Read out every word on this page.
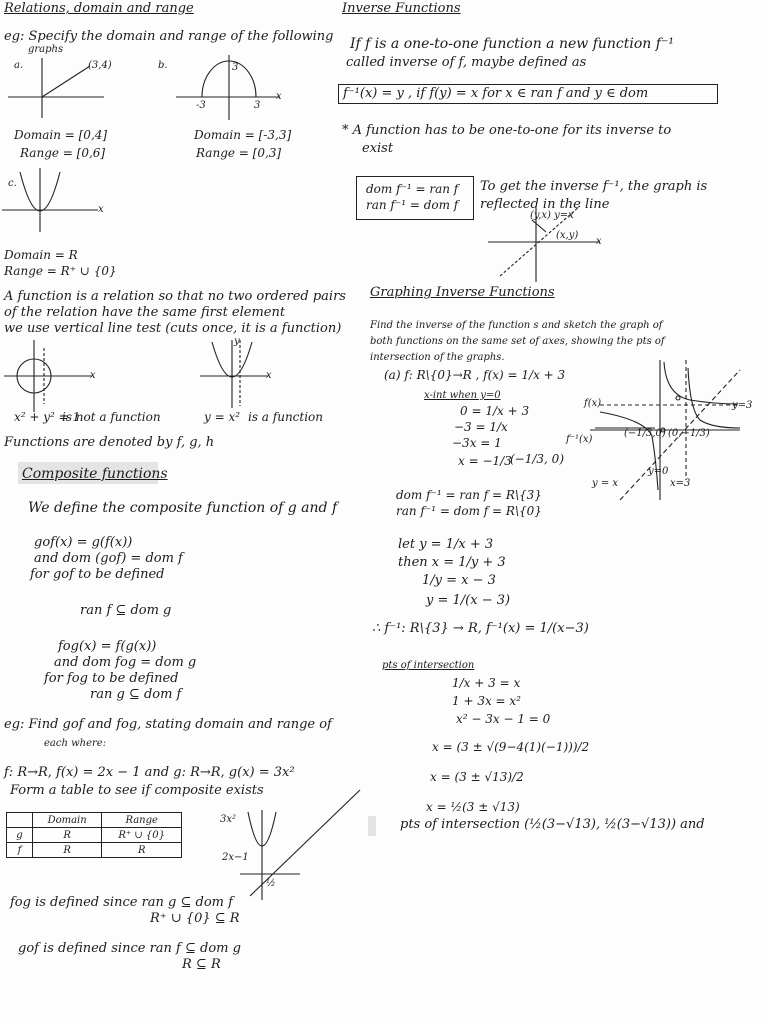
Relations, domain and range
eg: Specify the domain and range of the following
graphs
a.	(3,4)
Domain = [0,4]
Range = [0,6]
b.	3
-3	3
x
Domain = [-3,3]
Range = [0,3]
c.
x
Domain = R
Range = R⁺ ∪ {0}
A function is a relation so that no two ordered pairs
of the relation have the same first element
we use vertical line test (cuts once, it is a function)
x
x² + y² = 1
is not a function
y
x
y = x² is a function
Functions are denoted by f, g, h
Composite functions
We define the composite function of g and f
gof(x) = g(f(x))
and dom (gof) = dom f
for gof to be defined
ran f ⊆ dom g
fog(x) = f(g(x))
and dom fog = dom g
for fog to be defined
ran g ⊆ dom f
eg: Find gof and fog, stating domain and range of
each where:
f: R→R, f(x) = 2x − 1 and g: R→R, g(x) = 3x²
Form a table to see if composite exists
	Domain	Range
g	R	R⁺ ∪ {0}
f	R	R
3x²
2x−1
½
fog is defined since ran g ⊆ dom f
R⁺ ∪ {0} ⊆ R
gof is defined since ran f ⊆ dom g
R ⊆ R
Inverse Functions
If f is a one-to-one function a new function f⁻¹
called inverse of f, maybe defined as
f⁻¹(x) = y , if f(y) = x for x ∈ ran f and y ∈ dom
* A function has to be one-to-one for its inverse to
exist
dom f⁻¹ = ran f
ran f⁻¹ = dom f
To get the inverse f⁻¹, the graph is
reflected in the line
(y,x) y=x
(x,y)
x
Graphing Inverse Functions
Find the inverse of the function s and sketch the graph of
both functions on the same set of axes, showing the pts of
intersection of the graphs.
(a) f: R\{0}→R , f(x) = 1/x + 3
x-int when y=0
0 = 1/x + 3
−3 = 1/x
−3x = 1
x = −1/3
(−1/3, 0)
f(x)
f⁻¹(x)
y=3
(−1/3,0) (0,−1/3)
y=0
x=3
y = x
dom f⁻¹ = ran f = R\{3}
ran f⁻¹ = dom f = R\{0}
let y = 1/x + 3
then x = 1/y + 3
1/y = x − 3
y = 1/(x − 3)
∴ f⁻¹: R\{3} → R, f⁻¹(x) = 1/(x−3)
pts of intersection
1/x + 3 = x
1 + 3x = x²
x² − 3x − 1 = 0
x = (3 ± √(9−4(1)(−1)))/2
x = (3 ± √13)/2
x = ½(3 ± √13)
pts of intersection (½(3−√13), ½(3−√13)) and
